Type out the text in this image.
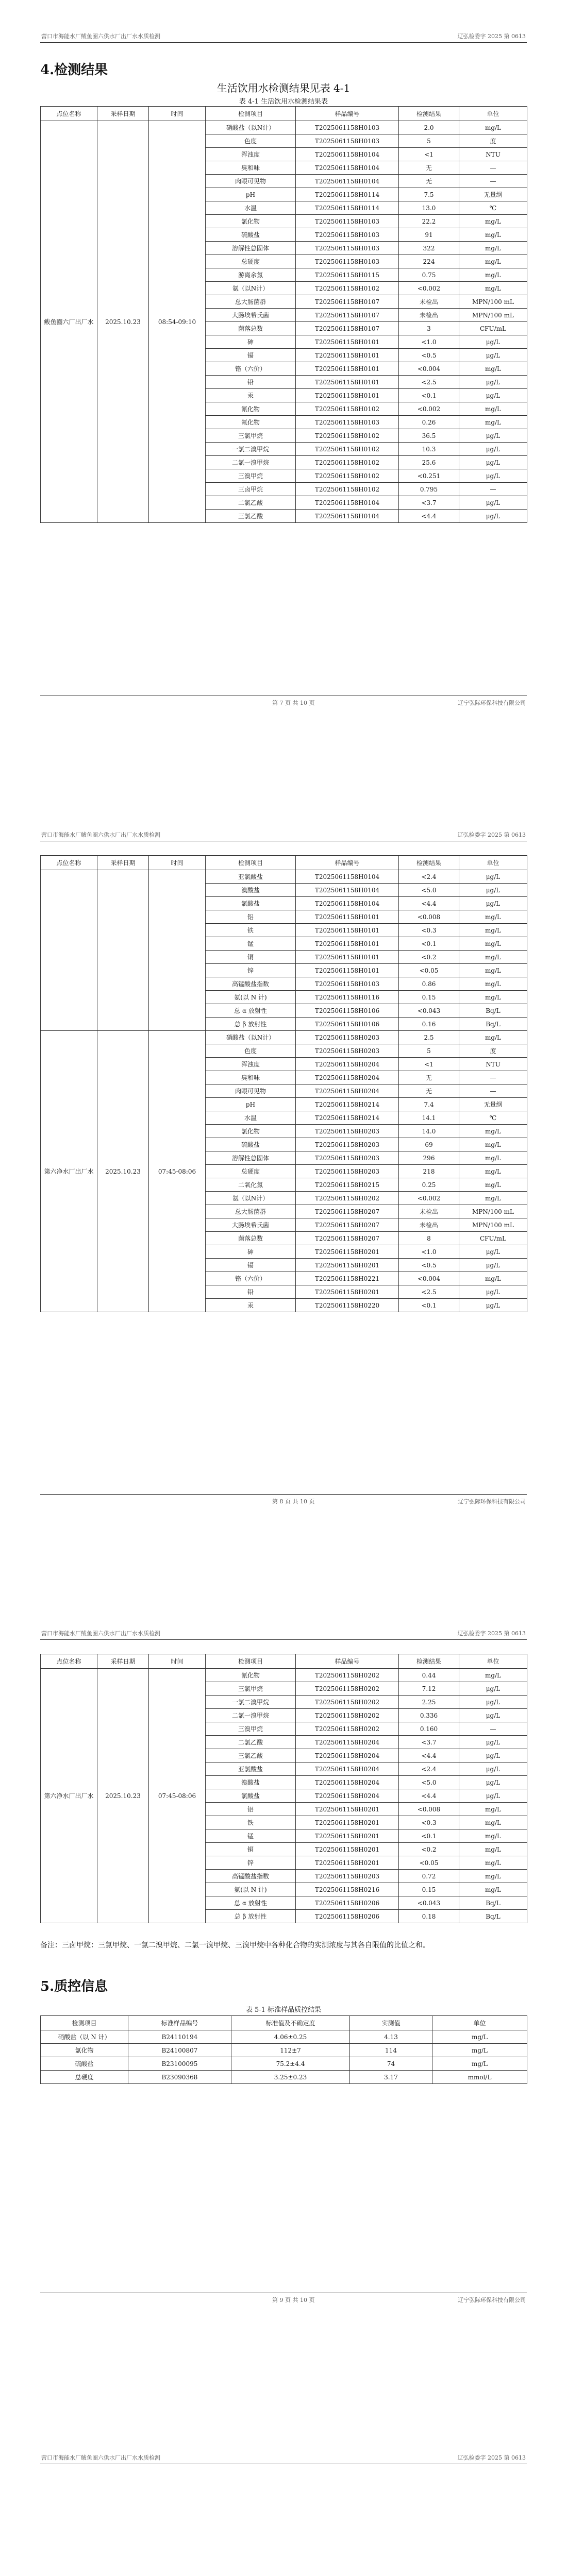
营口市海能水厂鲅鱼圈六供水厂出厂水水质检测	辽弘检委字 2025 第 0613
4.检测结果
生活饮用水检测结果见表 4-1
表 4-1 生活饮用水检测结果表
点位名称	采样日期	时间	检测项目	样品编号	检测结果	单位
鲅鱼圈六厂出厂水	2025.10.23	08:54-09:10	硝酸盐（以N计）	T2025061158H0103	2.0	mg/L
			色度	T2025061158H0103	5	度
			浑浊度	T2025061158H0104	<1	NTU
			臭和味	T2025061158H0104	无	—
			肉眼可见物	T2025061158H0104	无	—
			pH	T2025061158H0114	7.5	无量纲
			水温	T2025061158H0114	13.0	℃
			氯化物	T2025061158H0103	22.2	mg/L
			硫酸盐	T2025061158H0103	91	mg/L
			溶解性总固体	T2025061158H0103	322	mg/L
			总硬度	T2025061158H0103	224	mg/L
			游离余氯	T2025061158H0115	0.75	mg/L
			氨（以N计）	T2025061158H0102	<0.002	mg/L
			总大肠菌群	T2025061158H0107	未检出	MPN/100 mL
			大肠埃希氏菌	T2025061158H0107	未检出	MPN/100 mL
			菌落总数	T2025061158H0107	3	CFU/mL
			砷	T2025061158H0101	<1.0	μg/L
			镉	T2025061158H0101	<0.5	μg/L
			铬（六价）	T2025061158H0101	<0.004	mg/L
			铅	T2025061158H0101	<2.5	μg/L
			汞	T2025061158H0101	<0.1	μg/L
			氰化物	T2025061158H0102	<0.002	mg/L
			氟化物	T2025061158H0103	0.26	mg/L
			三氯甲烷	T2025061158H0102	36.5	μg/L
			一氯二溴甲烷	T2025061158H0102	10.3	μg/L
			二氯一溴甲烷	T2025061158H0102	25.6	μg/L
			三溴甲烷	T2025061158H0102	<0.251	μg/L
			三卤甲烷	T2025061158H0102	0.795	—
			二氯乙酸	T2025061158H0104	<3.7	μg/L
			三氯乙酸	T2025061158H0104	<4.4	μg/L
第 7 页 共 10 页	辽宁弘际环保科技有限公司
营口市海能水厂鲅鱼圈六供水厂出厂水水质检测	辽弘检委字 2025 第 0613
点位名称	采样日期	时间	检测项目	样品编号	检测结果	单位
			亚氯酸盐	T2025061158H0104	<2.4	μg/L
			溴酸盐	T2025061158H0104	<5.0	μg/L
			氯酸盐	T2025061158H0104	<4.4	μg/L
			铝	T2025061158H0101	<0.008	mg/L
			铁	T2025061158H0101	<0.3	mg/L
			锰	T2025061158H0101	<0.1	mg/L
			铜	T2025061158H0101	<0.2	mg/L
			锌	T2025061158H0101	<0.05	mg/L
			高锰酸盐指数	T2025061158H0103	0.86	mg/L
			氨(以 N 计)	T2025061158H0116	0.15	mg/L
			总 α 放射性	T2025061158H0106	<0.043	Bq/L
			总 β 放射性	T2025061158H0106	0.16	Bq/L
第六净水厂出厂水	2025.10.23	07:45-08:06	硝酸盐（以N计）	T2025061158H0203	2.5	mg/L
			色度	T2025061158H0203	5	度
			浑浊度	T2025061158H0204	<1	NTU
			臭和味	T2025061158H0204	无	—
			肉眼可见物	T2025061158H0204	无	—
			pH	T2025061158H0214	7.4	无量纲
			水温	T2025061158H0214	14.1	℃
			氯化物	T2025061158H0203	14.0	mg/L
			硫酸盐	T2025061158H0203	69	mg/L
			溶解性总固体	T2025061158H0203	296	mg/L
			总硬度	T2025061158H0203	218	mg/L
			二氧化氯	T2025061158H0215	0.25	mg/L
			氨（以N计）	T2025061158H0202	<0.002	mg/L
			总大肠菌群	T2025061158H0207	未检出	MPN/100 mL
			大肠埃希氏菌	T2025061158H0207	未检出	MPN/100 mL
			菌落总数	T2025061158H0207	8	CFU/mL
			砷	T2025061158H0201	<1.0	μg/L
			镉	T2025061158H0201	<0.5	μg/L
			铬（六价）	T2025061158H0221	<0.004	mg/L
			铅	T2025061158H0201	<2.5	μg/L
			汞	T2025061158H0220	<0.1	μg/L
第 8 页 共 10 页	辽宁弘际环保科技有限公司
营口市海能水厂鲅鱼圈六供水厂出厂水水质检测	辽弘检委字 2025 第 0613
点位名称	采样日期	时间	检测项目	样品编号	检测结果	单位
第六净水厂出厂水	2025.10.23	07:45-08:06	氰化物	T2025061158H0202	0.44	mg/L
			三氯甲烷	T2025061158H0202	7.12	μg/L
			一氯二溴甲烷	T2025061158H0202	2.25	μg/L
			二氯一溴甲烷	T2025061158H0202	0.336	μg/L
			三溴甲烷	T2025061158H0202	0.160	—
			二氯乙酸	T2025061158H0204	<3.7	μg/L
			三氯乙酸	T2025061158H0204	<4.4	μg/L
			亚氯酸盐	T2025061158H0204	<2.4	μg/L
			溴酸盐	T2025061158H0204	<5.0	μg/L
			氯酸盐	T2025061158H0204	<4.4	μg/L
			铝	T2025061158H0201	<0.008	mg/L
			铁	T2025061158H0201	<0.3	mg/L
			锰	T2025061158H0201	<0.1	mg/L
			铜	T2025061158H0201	<0.2	mg/L
			锌	T2025061158H0201	<0.05	mg/L
			高锰酸盐指数	T2025061158H0203	0.72	mg/L
			氨(以 N 计)	T2025061158H0216	0.15	mg/L
			总 α 放射性	T2025061158H0206	<0.043	Bq/L
			总 β 放射性	T2025061158H0206	0.18	Bq/L
备注：三卤甲烷：三氯甲烷、一氯二溴甲烷、二氯一溴甲烷、三溴甲烷中各种化合物的实测浓度与其各自限值的比值之和。
5.质控信息
表 5-1 标准样品质控结果
检测项目	标准样品编号	标准值及不确定度	实测值	单位
硝酸盐（以 N 计）	B24110194	4.06±0.25	4.13	mg/L
氯化物	B24100807	112±7	114	mg/L
硫酸盐	B23100095	75.2±4.4	74	mg/L
总硬度	B23090368	3.25±0.23	3.17	mmol/L
第 9 页 共 10 页	辽宁弘际环保科技有限公司
营口市海能水厂鲅鱼圈六供水厂出厂水水质检测	辽弘检委字 2025 第 0613
